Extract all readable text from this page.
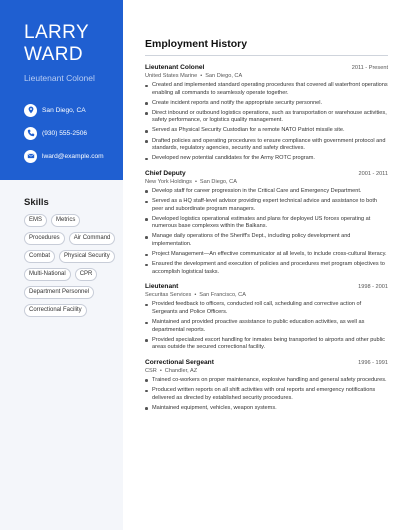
LARRY
WARD
Lieutenant Colonel
San Diego, CA
(930) 555-2506
lward@example.com
Skills
EMS	Metrics
Procedures	Air Command
Combat	Physical Security
Multi-National	CPR
Department Personnel
Correctional Facility
Employment History
Lieutenant Colonel	2011 - Present
United States Marine • San Diego, CA
Created and implemented standard operating procedures that covered all waterfront operations enabling all commands to seamlessly operate together.
Create incident reports and notify the appropriate security personnel.
Direct inbound or outbound logistics operations, such as transportation or warehouse activities, safety performance, or logistics quality management.
Served as Physical Security Custodian for a remote NATO Patriot missile site.
Drafted policies and operating procedures to ensure compliance with government protocol and standards, regulatory agencies, security and safety directives.
Developed new potential candidates for the Army ROTC program.
Chief Deputy	2001 - 2011
New York Holdings • San Diego, CA
Develop staff for career progression in the Critical Care and Emergency Department.
Served as a HQ staff-level advisor providing expert technical advice and assistance to both peer and subordinate program managers.
Developed logistics operational estimates and plans for deployed US forces operating at numerous base complexes within the Balkans.
Manage daily operations of the Sheriff's Dept., including policy development and implementation.
Project Management—An effective communicator at all levels, to include cross-cultural literacy.
Ensured the development and execution of policies and procedures met program objectives to accomplish logistical tasks.
Lieutenant	1998 - 2001
Securitas Services • San Francisco, CA
Provided feedback to officers, conducted roll call, scheduling and corrective action of Sergeants and Police Officers.
Maintained and provided proactive assistance to public education activities, as well as departmental reports.
Provided specialized escort handling for inmates being transported to airports and other public areas outside the secured correctional facility.
Correctional Sergeant	1996 - 1991
CSR • Chandler, AZ
Trained co-workers on proper maintenance, explosive handling and general safety procedures.
Produced written reports on all shift activities with oral reports and emergency notifications delivered as directed by established security procedures.
Maintained equipment, vehicles, weapon systems.
